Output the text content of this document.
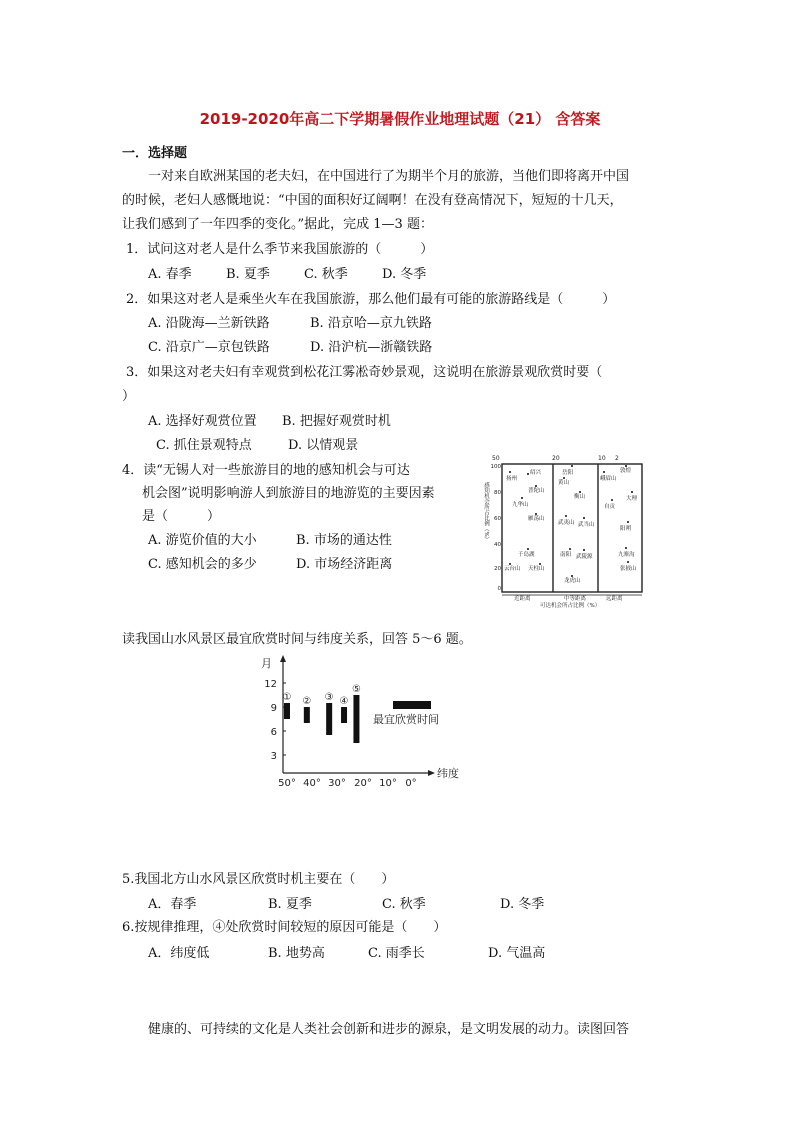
2019-2020年高二下学期暑假作业地理试题（21） 含答案
一．选择题
一对来自欧洲某国的老夫妇，在中国进行了为期半个月的旅游，当他们即将离开中国
的时候，老妇人感慨地说：“中国的面积好辽阔啊！在没有登高情况下，短短的十几天，
让我们感到了一年四季的变化。”据此，完成 1—3 题：
1．试问这对老人是什么季节来我国旅游的（　　　）
A. 春季	B. 夏季	C. 秋季	D. 冬季
2．如果这对老人是乘坐火车在我国旅游，那么他们最有可能的旅游路线是（　　　）
A. 沿陇海—兰新铁路	B. 沿京哈—京九铁路
C. 沿京广—京包铁路	D. 沿沪杭—浙赣铁路
3．如果这对老夫妇有幸观赏到松花江雾凇奇妙景观，这说明在旅游景观欣赏时要（
）
A. 选择好观赏位置 B. 把握好观赏时机
C. 抓住景观特点	D. 以情观景
4．读“无锡人对一些旅游目的地的感知机会与可达
机会图”说明影响游人到旅游目的地游览的主要因素
是（　　　）
A. 游览价值的大小	B. 市场的通达性
C. 感知机会的多少	D. 市场经济距离
50	20	10 2
感知机会所占比例（%）
100
80
60
40
20
0
扬州
绍兴
普陀山
九华山
雁荡山
千岛湖
云台山 天柱山
岳阳
黄山
衡山
武夷山 武当山
南阳 武陵源
龙虎山
峨眉山
敦煌
大理
自贡
阳朔
九寨沟
张掖山
近距离	中等距离	远距离
可达机会所占比例（%）
读我国山水风景区最宜欣赏时间与纬度关系，回答 5～6 题。
月
纬度
12
9
6
3
50° 40° 30° 20° 10° 0°
① ② ③ ④
⑤
最宜欣赏时间
5.我国北方山水风景区欣赏时机主要在（　　）
A．春季	B. 夏季	C. 秋季	D. 冬季
6.按规律推理，④处欣赏时间较短的原因可能是（　　）
A．纬度低	B. 地势高	C. 雨季长	D. 气温高
健康的、可持续的文化是人类社会创新和进步的源泉，是文明发展的动力。读图回答
